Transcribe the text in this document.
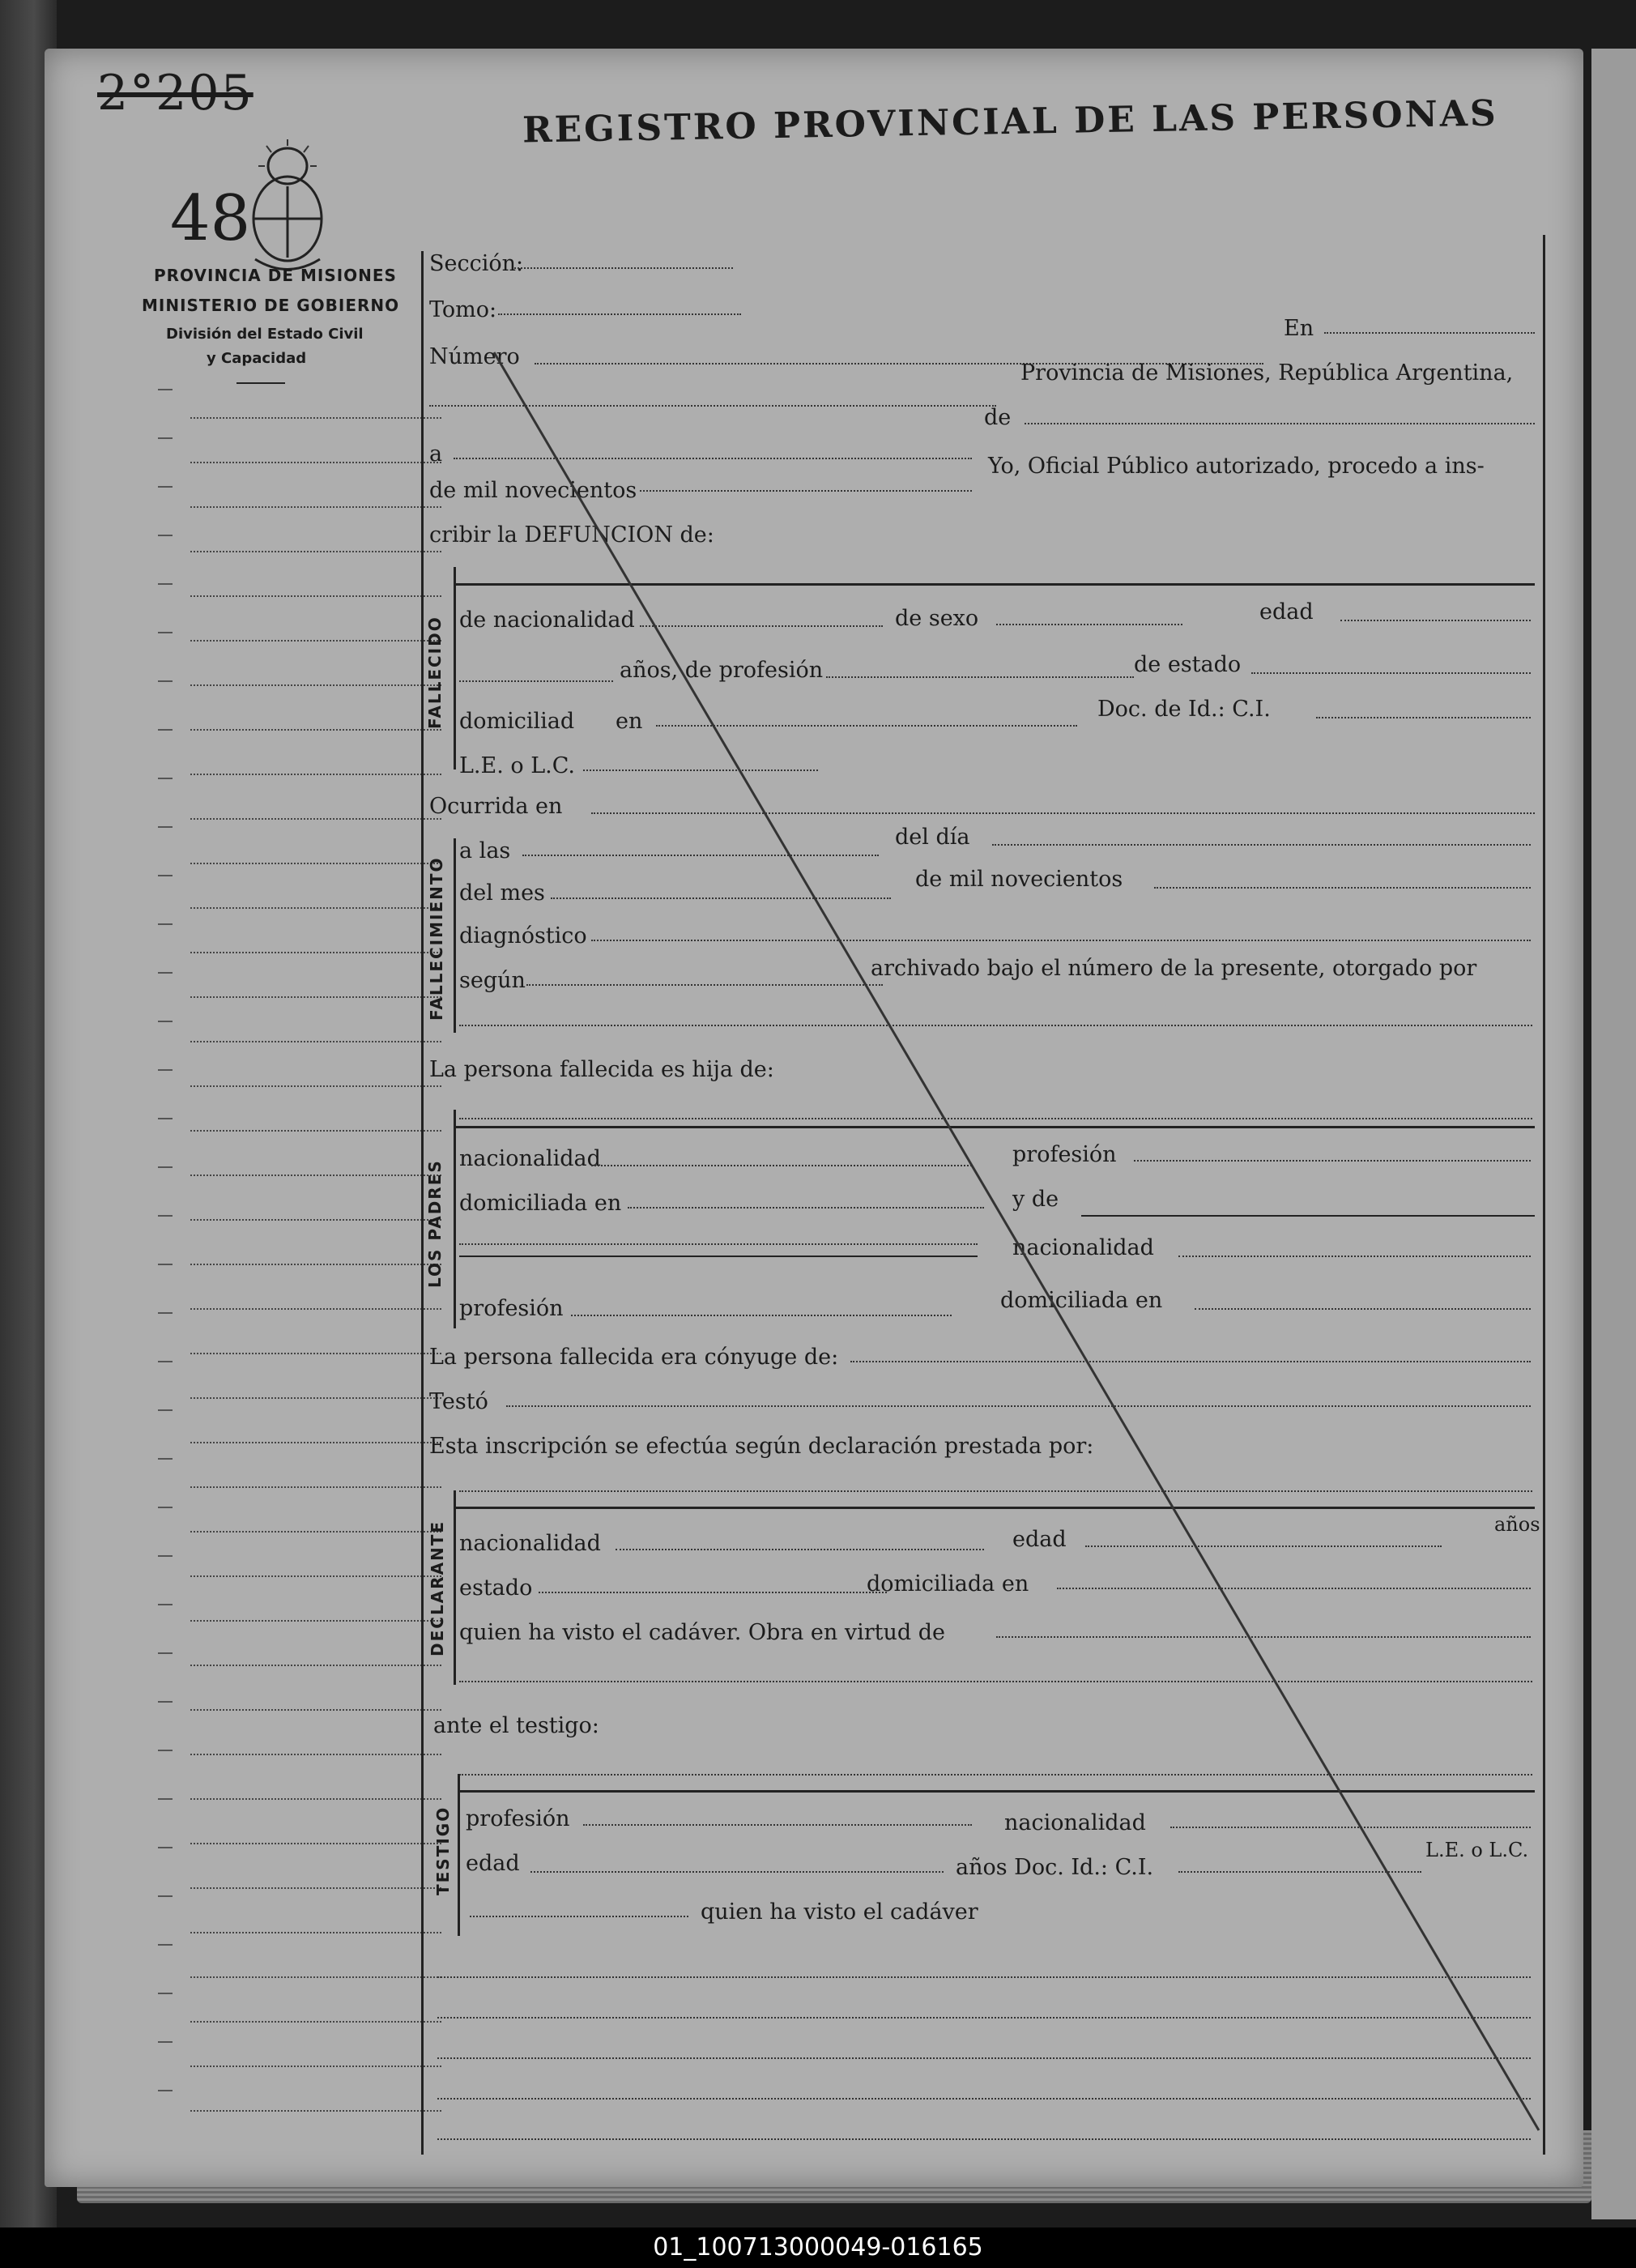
2°205
48
PROVINCIA DE MISIONES
MINISTERIO DE GOBIERNO
División del Estado Civil
y Capacidad
REGISTRO PROVINCIAL DE LAS PERSONAS
Sección:
Tomo:
En
Número
Provincia de Misiones, República Argentina,
de
a
de mil novecientos
Yo, Oficial Público autorizado, procedo a ins-
cribir la DEFUNCION de:
FALLECIDO de nacionalidad	de sexo	edad
años, de profesión	de estado
domiciliad en	Doc. de Id.: C.I.
L.E. o L.C.
Ocurrida en
FALLECIMIENTO
a las
del día
del mes
de mil novecientos
diagnóstico
según	archivado bajo el número de la presente, otorgado por
La persona fallecida es hija de:
LOS PADRES
nacionalidad	profesión
domiciliada en	y de
nacionalidad
profesión	domiciliada en
La persona fallecida era cónyuge de:
Testó
Esta inscripción se efectúa según declaración prestada por:
DECLARANTE nacionalidad	edad
años
estado	domiciliada en
quien ha visto el cadáver. Obra en virtud de
ante el testigo:
TESTIGO profesión	nacionalidad
edad	años Doc. Id.: C.I.
L.E. o L.C.
quien ha visto el cadáver
01_100713000049-016165
